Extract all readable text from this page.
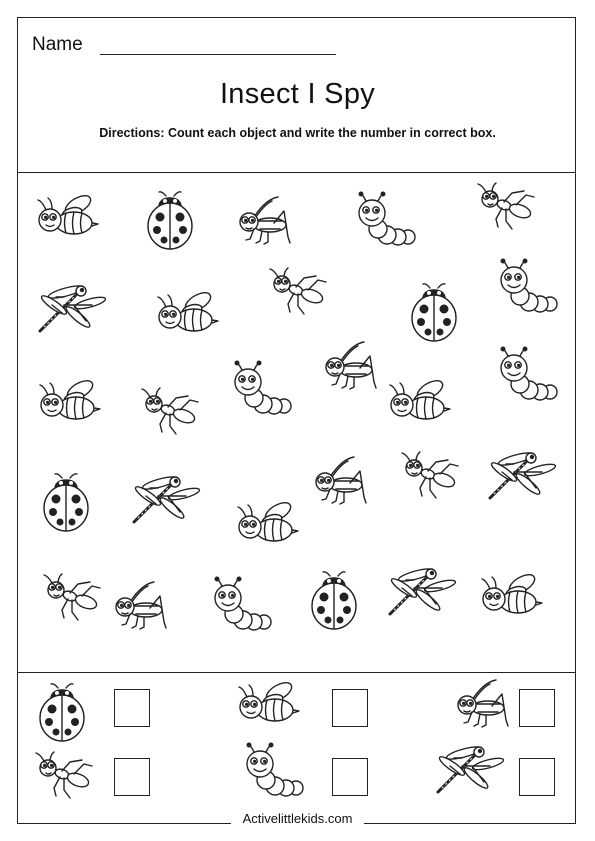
Name
Insect I Spy
Directions: Count each object and write the number in correct box.
Activelittlekids.com
